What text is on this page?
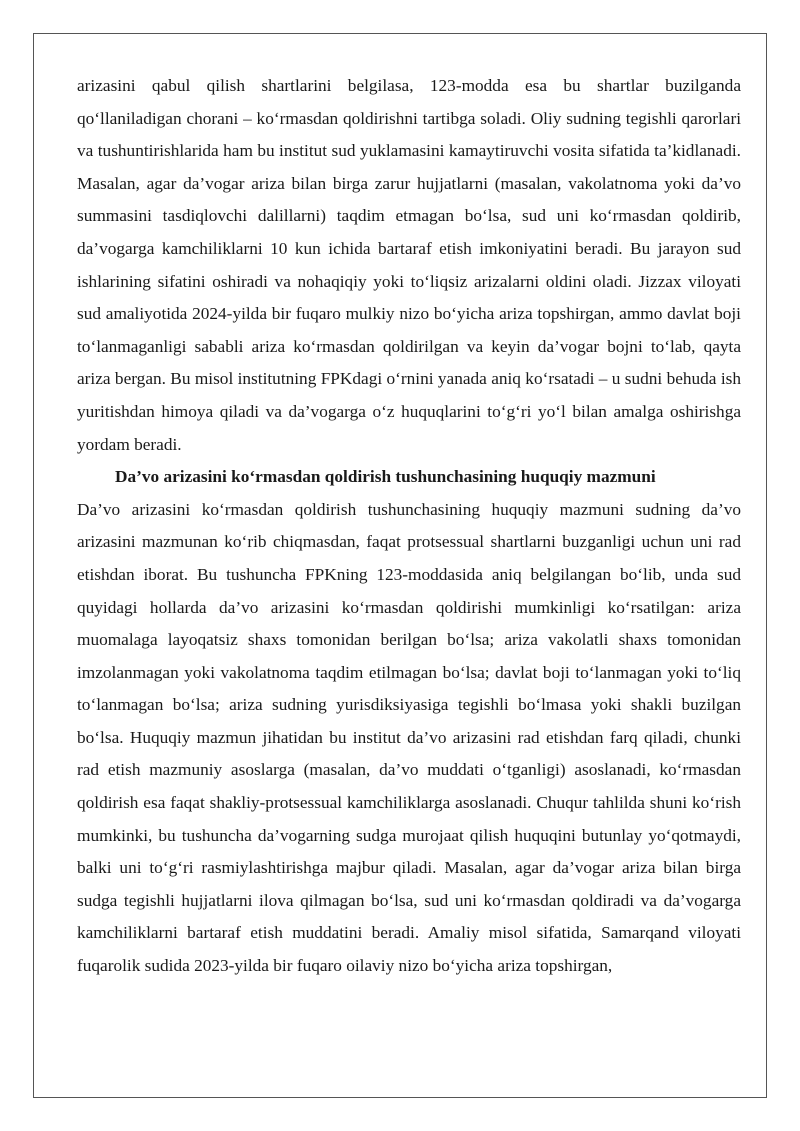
arizasini qabul qilish shartlarini belgilasa, 123-modda esa bu shartlar buzilganda qo‘llaniladigan chorani – ko‘rmasdan qoldirishni tartibga soladi. Oliy sudning tegishli qarorlari va tushuntirishlarida ham bu institut sud yuklamasini kamaytiruvchi vosita sifatida ta’kidlanadi. Masalan, agar da’vogar ariza bilan birga zarur hujjatlarni (masalan, vakolatnoma yoki da’vo summasini tasdiqlovchi dalillarni) taqdim etmagan bo‘lsa, sud uni ko‘rmasdan qoldirib, da’vogarga kamchiliklarni 10 kun ichida bartaraf etish imkoniyatini beradi. Bu jarayon sud ishlarining sifatini oshiradi va nohaqiqiy yoki to‘liqsiz arizalarni oldini oladi. Jizzax viloyati sud amaliyotida 2024-yilda bir fuqaro mulkiy nizo bo‘yicha ariza topshirgan, ammo davlat boji to‘lanmaganligi sababli ariza ko‘rmasdan qoldirilgan va keyin da’vogar bojni to‘lab, qayta ariza bergan. Bu misol institutning FPKdagi o‘rnini yanada aniq ko‘rsatadi – u sudni behuda ish yuritishdan himoya qiladi va da’vogarga o‘z huquqlarini to‘g‘ri yo‘l bilan amalga oshirishga yordam beradi.

Da’vo arizasini ko‘rmasdan qoldirish tushunchasining huquqiy mazmuni

Da’vo arizasini ko‘rmasdan qoldirish tushunchasining huquqiy mazmuni sudning da’vo arizasini mazmunan ko‘rib chiqmasdan, faqat protsessual shartlarni buzganligi uchun uni rad etishdan iborat. Bu tushuncha FPKning 123-moddasida aniq belgilangan bo‘lib, unda sud quyidagi hollarda da’vo arizasini ko‘rmasdan qoldirishi mumkinligi ko‘rsatilgan: ariza muomalaga layoqatsiz shaxs tomonidan berilgan bo‘lsa; ariza vakolatli shaxs tomonidan imzolanmagan yoki vakolatnoma taqdim etilmagan bo‘lsa; davlat boji to‘lanmagan yoki to‘liq to‘lanmagan bo‘lsa; ariza sudning yurisdiksiyasiga tegishli bo‘lmasa yoki shakli buzilgan bo‘lsa. Huquqiy mazmun jihatidan bu institut da’vo arizasini rad etishdan farq qiladi, chunki rad etish mazmuniy asoslarga (masalan, da’vo muddati o‘tganligi) asoslanadi, ko‘rmasdan qoldirish esa faqat shakliy-protsessual kamchiliklarga asoslanadi. Chuqur tahlilda shuni ko‘rish mumkinki, bu tushuncha da’vogarning sudga murojaat qilish huquqini butunlay yo‘qotmaydi, balki uni to‘g‘ri rasmiylashtirishga majbur qiladi. Masalan, agar da’vogar ariza bilan birga sudga tegishli hujjatlarni ilova qilmagan bo‘lsa, sud uni ko‘rmasdan qoldiradi va da’vogarga kamchiliklarni bartaraf etish muddatini beradi. Amaliy misol sifatida, Samarqand viloyati fuqarolik sudida 2023-yilda bir fuqaro oilaviy nizo bo‘yicha ariza topshirgan,
